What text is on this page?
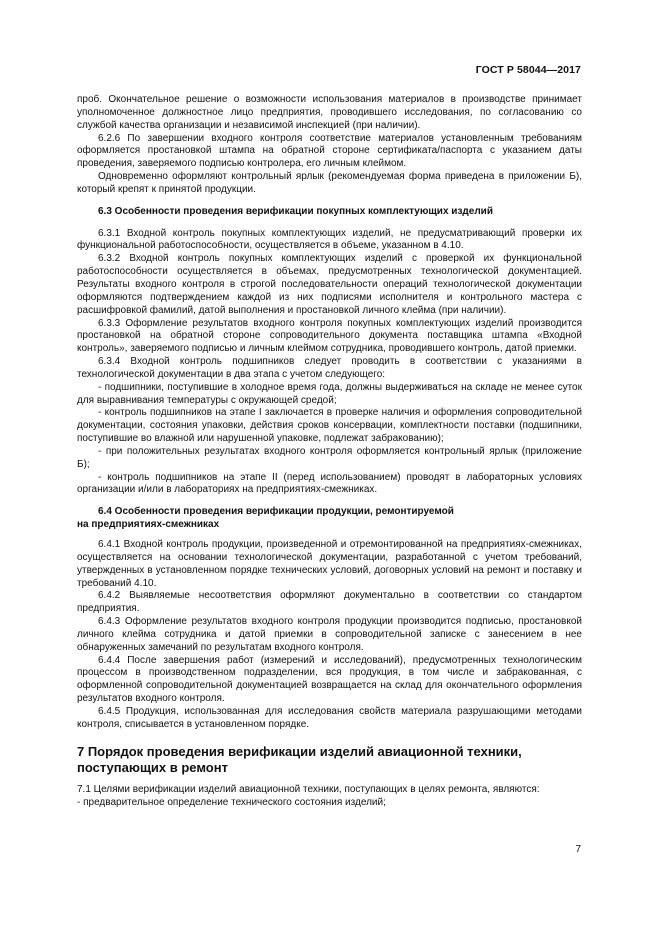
ГОСТ Р 58044—2017

проб. Окончательное решение о возможности использования материалов в производстве принимает уполномоченное должностное лицо предприятия, проводившего исследования, по согласованию со службой качества организации и независимой инспекцией (при наличии).

6.2.6 По завершении входного контроля соответствие материалов установленным требованиям оформляется простановкой штампа на обратной стороне сертификата/паспорта с указанием даты проведения, заверяемого подписью контролера, его личным клеймом.

Одновременно оформляют контрольный ярлык (рекомендуемая форма приведена в приложении Б), который крепят к принятой продукции.

6.3 Особенности проведения верификации покупных комплектующих изделий

6.3.1 Входной контроль покупных комплектующих изделий, не предусматривающий проверки их функциональной работоспособности, осуществляется в объеме, указанном в 4.10.

6.3.2 Входной контроль покупных комплектующих изделий с проверкой их функциональной работоспособности осуществляется в объемах, предусмотренных технологической документацией. Результаты входного контроля в строгой последовательности операций технологической документации оформляются подтверждением каждой из них подписями исполнителя и контрольного мастера с расшифровкой фамилий, датой выполнения и простановкой личного клейма (при наличии).

6.3.3 Оформление результатов входного контроля покупных комплектующих изделий производится простановкой на обратной стороне сопроводительного документа поставщика штампа «Входной контроль», заверяемого подписью и личным клеймом сотрудника, проводившего контроль, датой приемки.

6.3.4 Входной контроль подшипников следует проводить в соответствии с указаниями в технологической документации в два этапа с учетом следующего:

- подшипники, поступившие в холодное время года, должны выдерживаться на складе не менее суток для выравнивания температуры с окружающей средой;

- контроль подшипников на этапе I заключается в проверке наличия и оформления сопроводительной документации, состояния упаковки, действия сроков консервации, комплектности поставки (подшипники, поступившие во влажной или нарушенной упаковке, подлежат забракованию);

- при положительных результатах входного контроля оформляется контрольный ярлык (приложение Б);

- контроль подшипников на этапе II (перед использованием) проводят в лабораторных условиях организации и/или в лабораториях на предприятиях-смежниках.

6.4 Особенности проведения верификации продукции, ремонтируемой
на предприятиях-смежниках

6.4.1 Входной контроль продукции, произведенной и отремонтированной на предприятиях-смежниках, осуществляется на основании технологической документации, разработанной с учетом требований, утвержденных в установленном порядке технических условий, договорных условий на ремонт и поставку и требований 4.10.

6.4.2 Выявляемые несоответствия оформляют документально в соответствии со стандартом предприятия.

6.4.3 Оформление результатов входного контроля продукции производится подписью, простановкой личного клейма сотрудника и датой приемки в сопроводительной записке с занесением в нее обнаруженных замечаний по результатам входного контроля.

6.4.4 После завершения работ (измерений и исследований), предусмотренных технологическим процессом в производственном подразделении, вся продукция, в том числе и забракованная, с оформленной сопроводительной документацией возвращается на склад для окончательного оформления результатов входного контроля.

6.4.5 Продукция, использованная для исследования свойств материала разрушающими методами контроля, списывается в установленном порядке.

7 Порядок проведения верификации изделий авиационной техники,
поступающих в ремонт

7.1 Целями верификации изделий авиационной техники, поступающих в целях ремонта, являются:

- предварительное определение технического состояния изделий;

7
